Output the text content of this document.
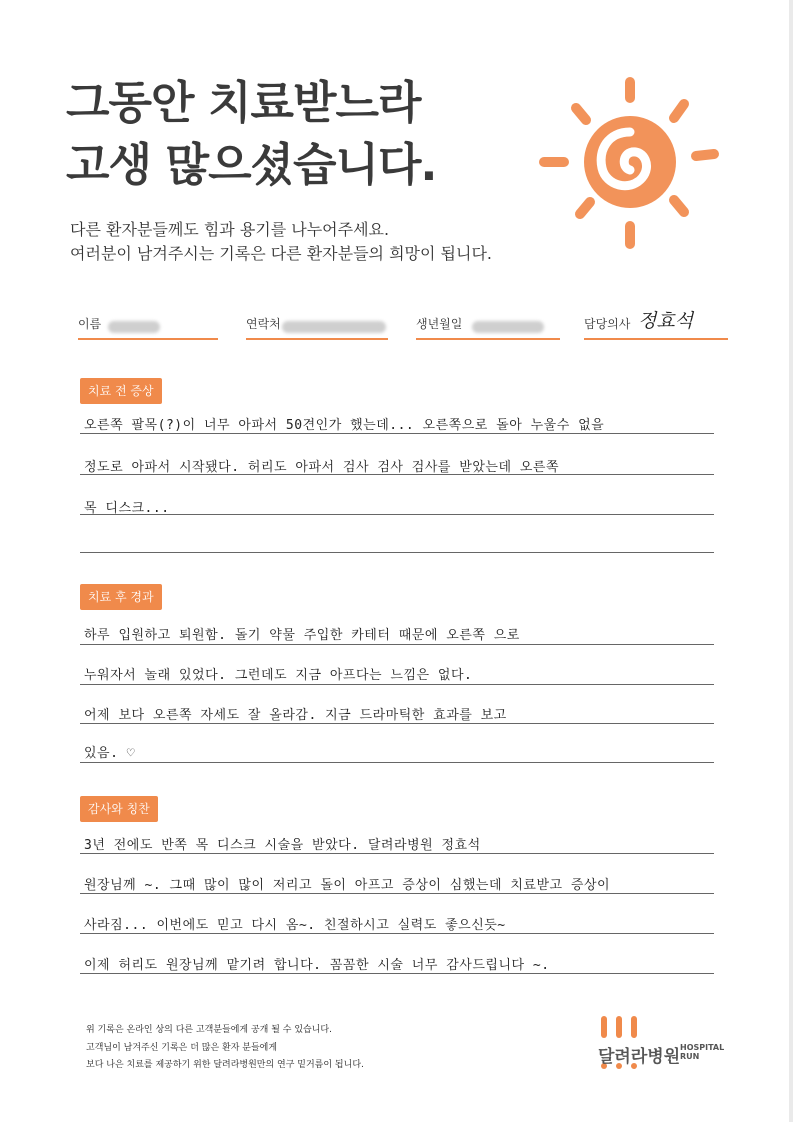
그동안 치료받느라
고생 많으셨습니다.
다른 환자분들께도 힘과 용기를 나누어주세요.
여러분이 남겨주시는 기록은 다른 환자분들의 희망이 됩니다.
이름	연락처	생년월일	담당의사 정효석
치료 전 증상
오른쪽 팔목(?)이 너무 아파서 50견인가 했는데... 오른쪽으로 돌아 누울수 없을
정도로 아파서 시작됐다. 허리도 아파서 검사 검사 검사를 받았는데 오른쪽
목 디스크...
치료 후 경과
하루 입원하고 퇴원함. 돌기 약물 주입한 카테터 때문에 오른쪽 으로
누워자서 놀래 있었다. 그런데도 지금 아프다는 느낌은 없다.
어제 보다 오른쪽 자세도 잘 올라감. 지금 드라마틱한 효과를 보고
있음. ♡
감사와 칭찬
3년 전에도 반쪽 목 디스크 시술을 받았다. 달려라병원 정효석
원장님께 ~. 그때 많이 많이 저리고 돌이 아프고 증상이 심했는데 치료받고 증상이
사라짐... 이번에도 믿고 다시 옴~. 친절하시고 실력도 좋으신듯~
이제 허리도 원장님께 맡기려 합니다. 꼼꼼한 시술 너무 감사드립니다 ~.
위 기록은 온라인 상의 다른 고객분들에게 공개 될 수 있습니다.
고객님이 남겨주신 기록은 더 많은 환자 분들에게
보다 나은 치료를 제공하기 위한 달려라병원만의 연구 밑거름이 됩니다.	달려라병원 HOSPITAL
RUN
